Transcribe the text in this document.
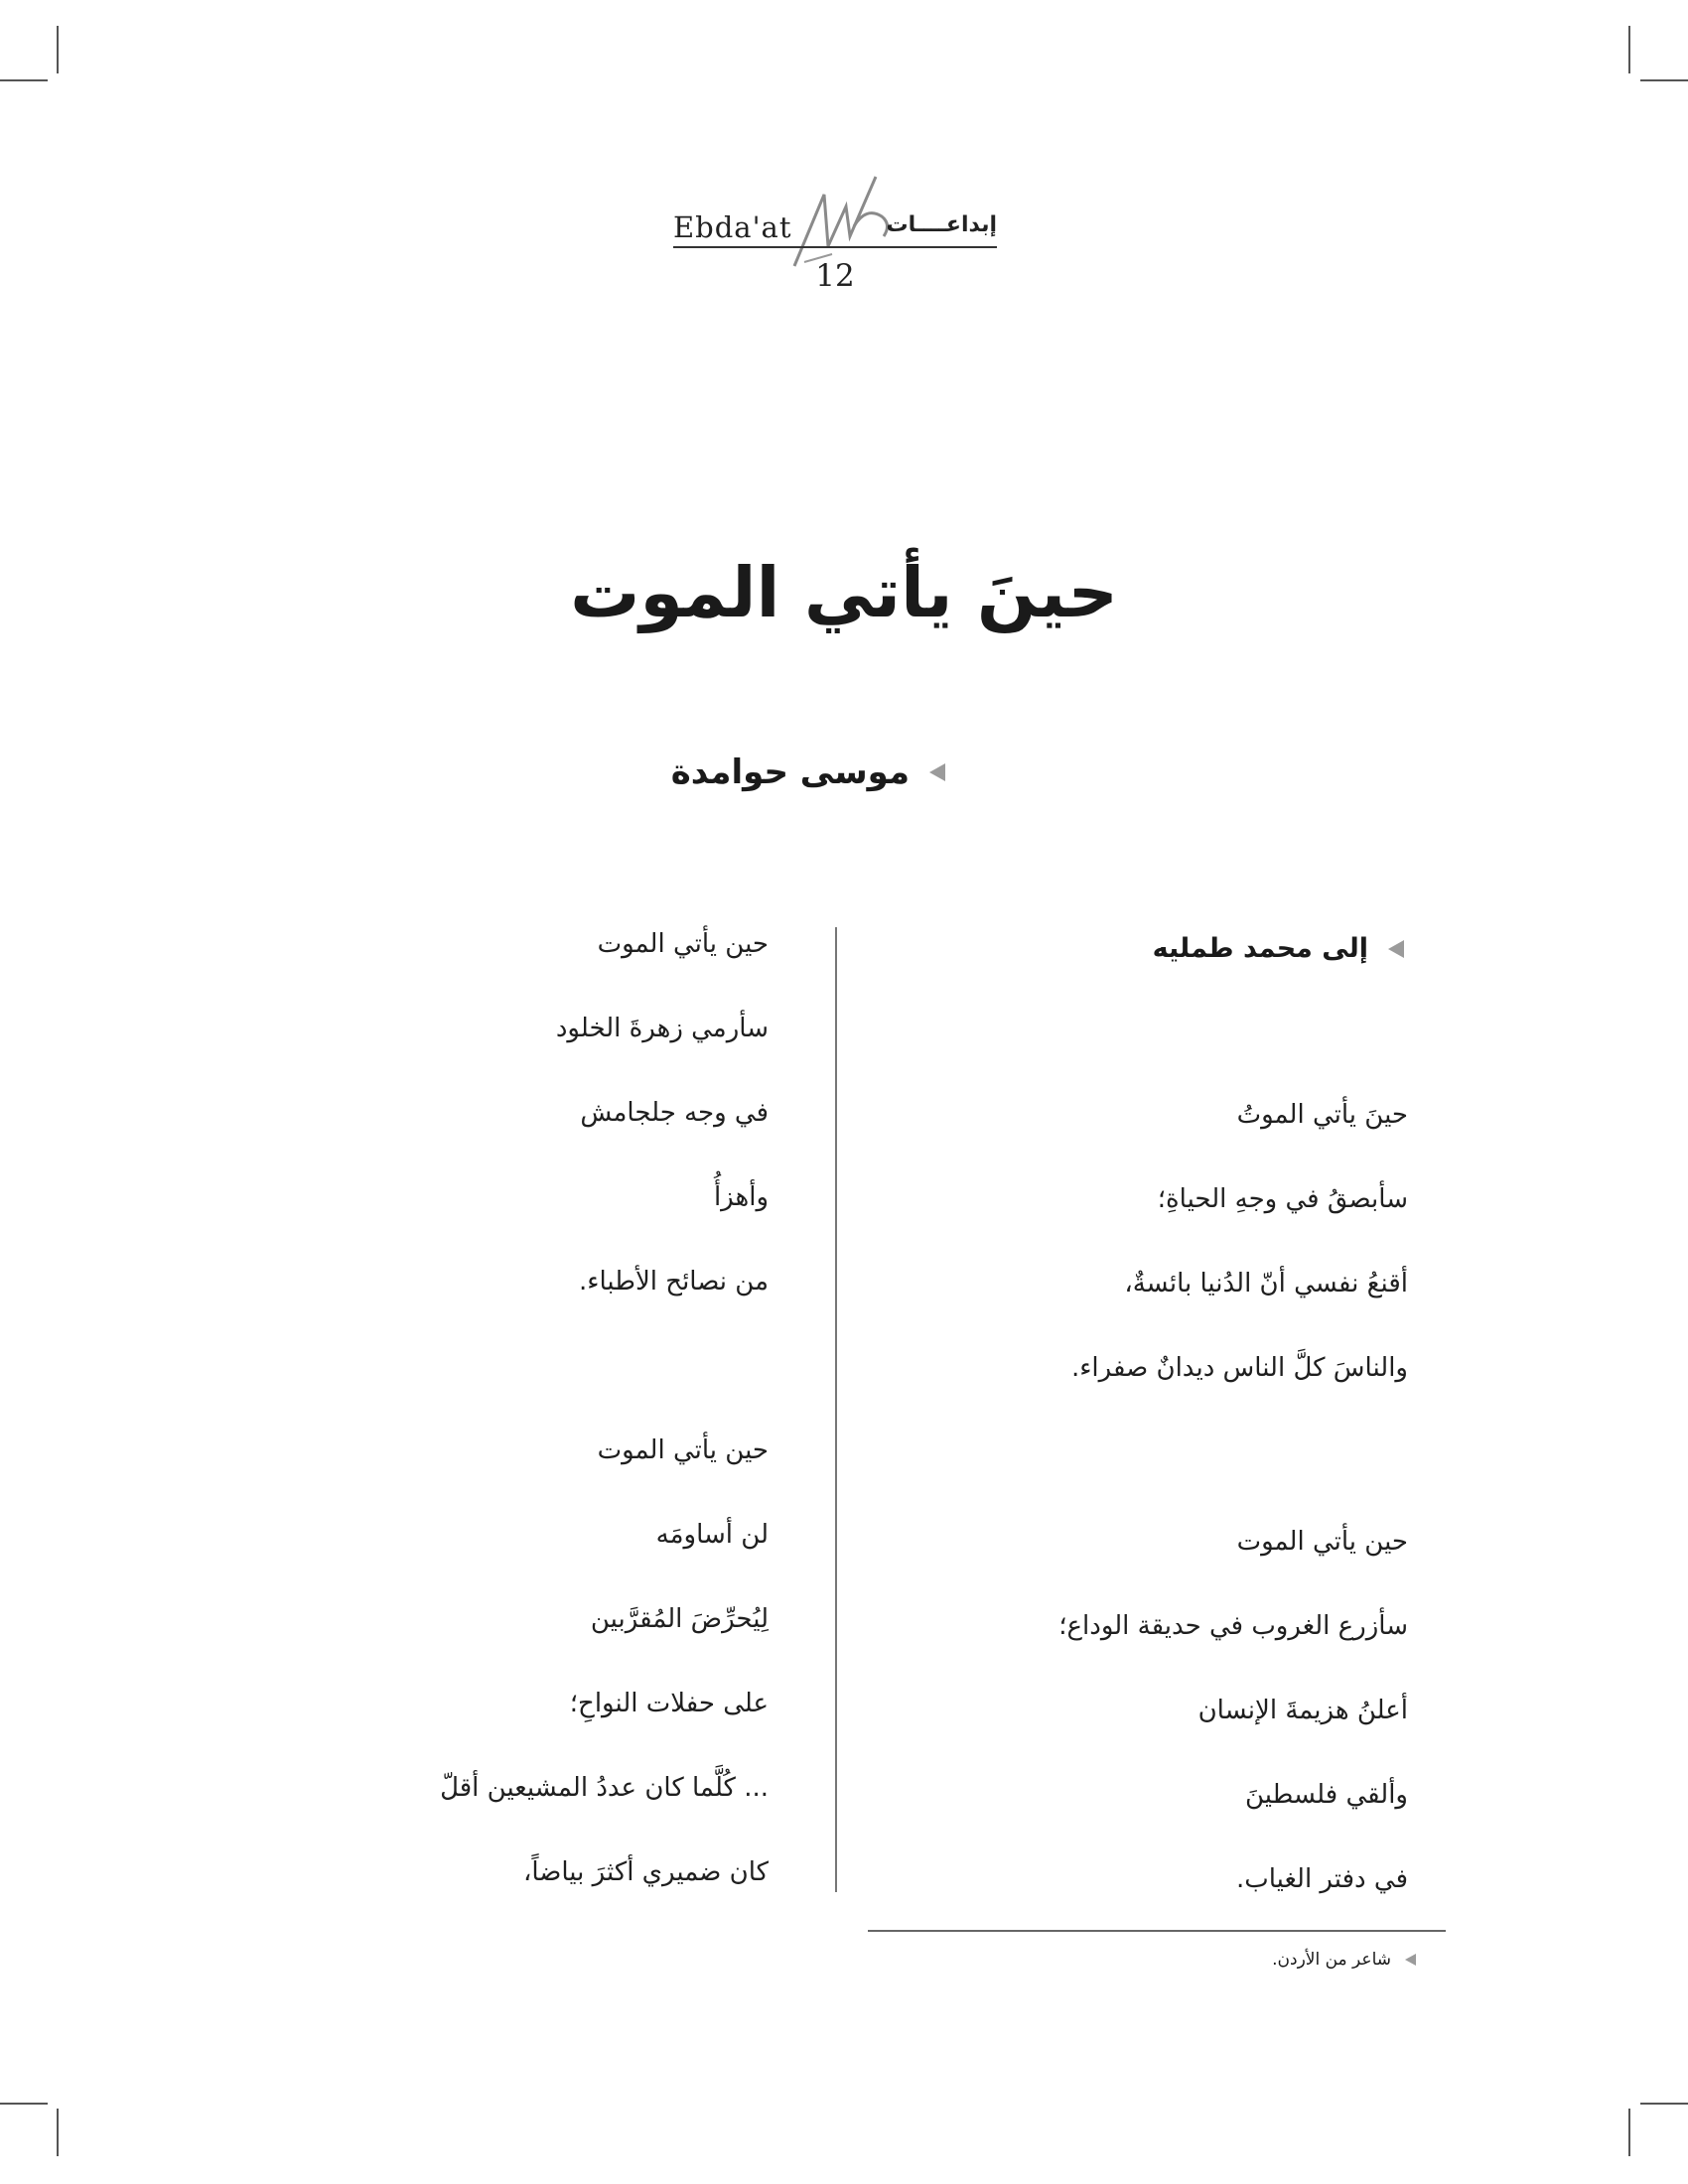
Ebda'at	إبداعــــات
12
حينَ يأتي الموت
موسى حوامدة
إلى محمد طمليه
حينَ يأتي الموتُ
سأبصقُ في وجهِ الحياةِ؛
أقنعُ نفسي أنّ الدُنيا بائسةٌ،
والناسَ كلَّ الناس ديدانٌ صفراء.
حين يأتي الموت
سأزرع الغروب في حديقة الوداع؛
أعلنُ هزيمةَ الإنسان
وألقي فلسطينَ
في دفتر الغياب.
حين يأتي الموت
سأرمي زهرةَ الخلود
في وجه جلجامش
وأهزأُ
من نصائح الأطباء.
حين يأتي الموت
لن أساومَه
لِيُحرِّضَ المُقرَّبين
على حفلات النواحِ؛
... كُلَّما كان عددُ المشيعين أقلّ
كان ضميري أكثرَ بياضاً،
شاعر من الأردن.
